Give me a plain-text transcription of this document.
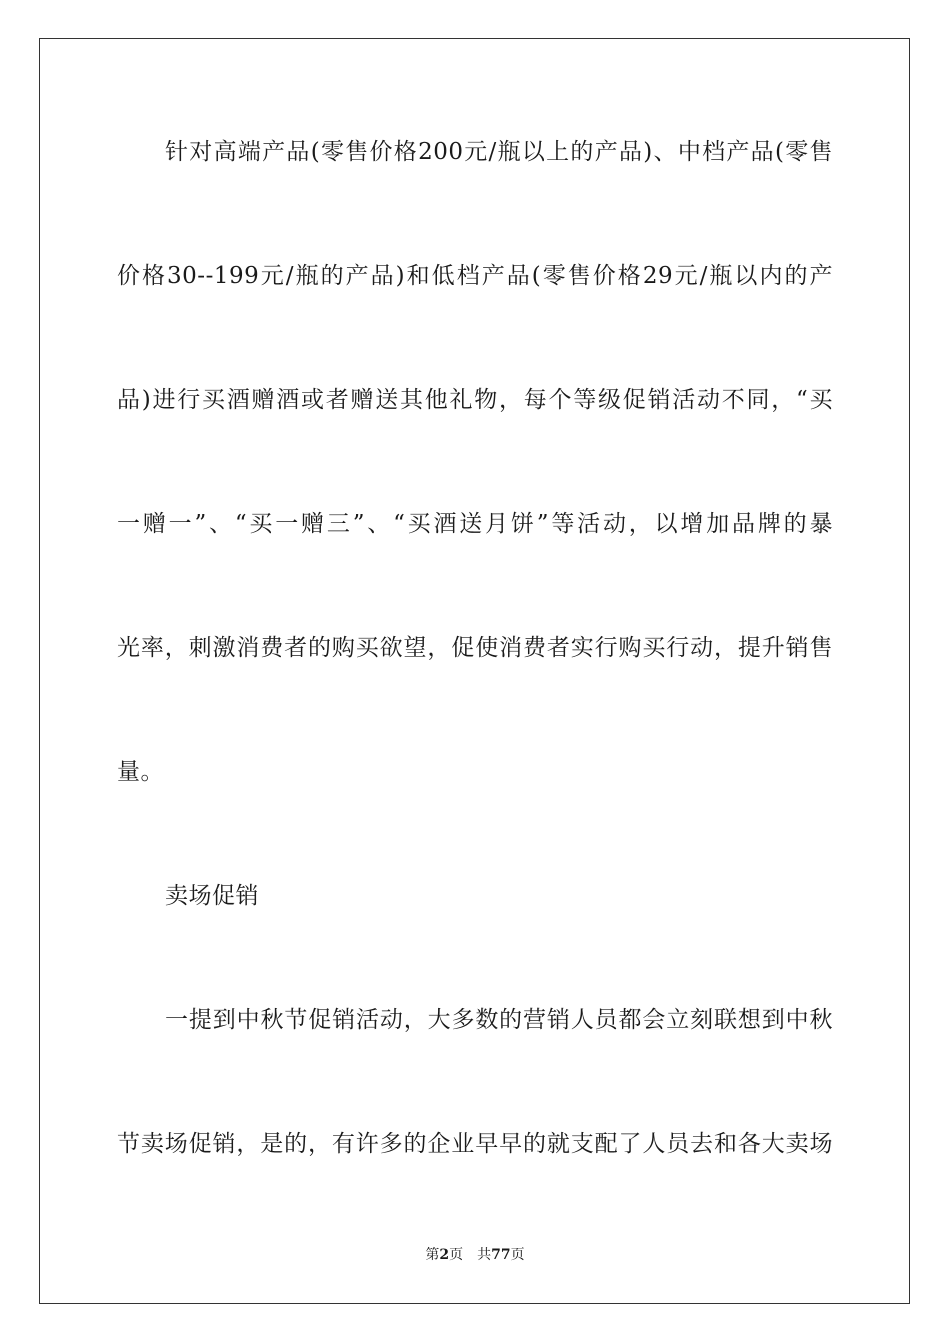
针对高端产品(零售价格200元/瓶以上的产品)、中档产品(零售
价格30--199元/瓶的产品)和低档产品(零售价格29元/瓶以内的产
品)进行买酒赠酒或者赠送其他礼物，每个等级促销活动不同，“买
一赠一”、“买一赠三”、“买酒送月饼”等活动，以增加品牌的暴
光率，刺激消费者的购买欲望，促使消费者实行购买行动，提升销售
量。
卖场促销
一提到中秋节促销活动，大多数的营销人员都会立刻联想到中秋
节卖场促销，是的，有许多的企业早早的就支配了人员去和各大卖场
第2页 共77页
